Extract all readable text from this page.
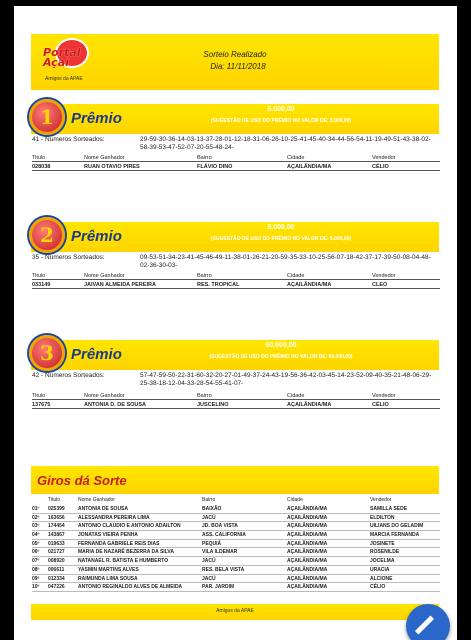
Portal Açaí
Amigos da APAE
Sorteio Realizado
Dia: 11/11/2018
1	Prêmio
5.000,00
(SUGESTÃO DE USO DO PRÊMIO NO VALOR DE: 5.000,00)
41 - Numeros Sorteados:	29-59-30-36-14-03-13-37-28-01-12-18-31-06-26-10-25-41-45-40-34-44-56-54-11-19-49-51-43-38-02-58-39-53-47-52-07-20-55-48-24-
Titulo	Nome Ganhador	Bairro	Cidade	Vendedor
028038	RUAN OTAVIO PIRES	FLÁVIO DINO	AÇAILÂNDIA/MA	CÉLIO
2	Prêmio
5.000,00
(SUGESTÃO DE USO DO PRÊMIO NO VALOR DE: 5.000,00)
35 - Numeros Sorteados:	09-53-51-34-23-41-45-46-49-11-38-01-26-21-20-59-35-33-10-25-56-07-18-42-37-17-39-50-08-04-48-02-36-30-03-
Titulo	Nome Ganhador	Bairro	Cidade	Vendedor
033149	JAIVAN ALMEIDA PEREIRA	RES. TROPICAL	AÇAILÂNDIA/MA	CLEO
3	Prêmio
60.000,00
(SUGESTÃO DE USO DO PRÊMIO NO VALOR DE: 60.000,00)
42 - Numeros Sorteados:	57-47-59-50-22-31-60-32-20-27-01-49-37-24-43-19-56-36-42-03-45-14-23-52-09-40-35-21-48-06-29-25-38-18-12-04-33-28-54-55-41-07-
Titulo	Nome Ganhador	Bairro	Cidade	Vendedor
137675	ANTONIA D. DE SOUSA	JUSCELINO	AÇAILÂNDIA/MA	CÉLIO
Giros dá Sorte
Titulo	Nome Ganhador	Bairro	Cidade	Vendedor
01º 025399	ANTONIA DE SOUSA	BAIXÃO	AÇAILÂNDIA/MA	SAMILLA SEDE
02º 163656	ALESSANDRA PEREIRA LIMA	JACÚ	AÇAILÂNDIA/MA	ELDILTON
03º 174454	ANTONIO CLAUDIO E ANTONIO ADAILTON	JD. BOA VISTA	AÇAILÂNDIA/MA	UILIANS DO GELADIM
04º 143867	JONATAS VIEIRA PENHA	ASS. CALIFORNIA	AÇAILÂNDIA/MA	MARCIA FERNANDA
05º 019633	FERNANDA GABRIELE REIS DIAS	PEQUIÁ	AÇAILÂNDIA/MA	JOSINETE
06º 021727	MARIA DE NAZARÉ BEZERRA DA SILVA	VILA ILDEMAR	AÇAILÂNDIA/MA	ROSENILDE
07º 008920	NATANAEL R. BATISTA E HUMBERTO	JACÚ	AÇAILÂNDIA/MA	JOCELMA
08º 006611	YASMIN MARTINS ALVES	RES. BELA VISTA	AÇAILÂNDIA/MA	URACIA
09º 012334	RAIMUNDA LIMA SOUSA	JACÚ	AÇAILÂNDIA/MA	ALCIONE
10º 047226	ANTONIO REGINALDO ALVES DE ALMEIDA	PAR. JARDIM	AÇAILÂNDIA/MA	CÉLIO
Amigos da APAE
